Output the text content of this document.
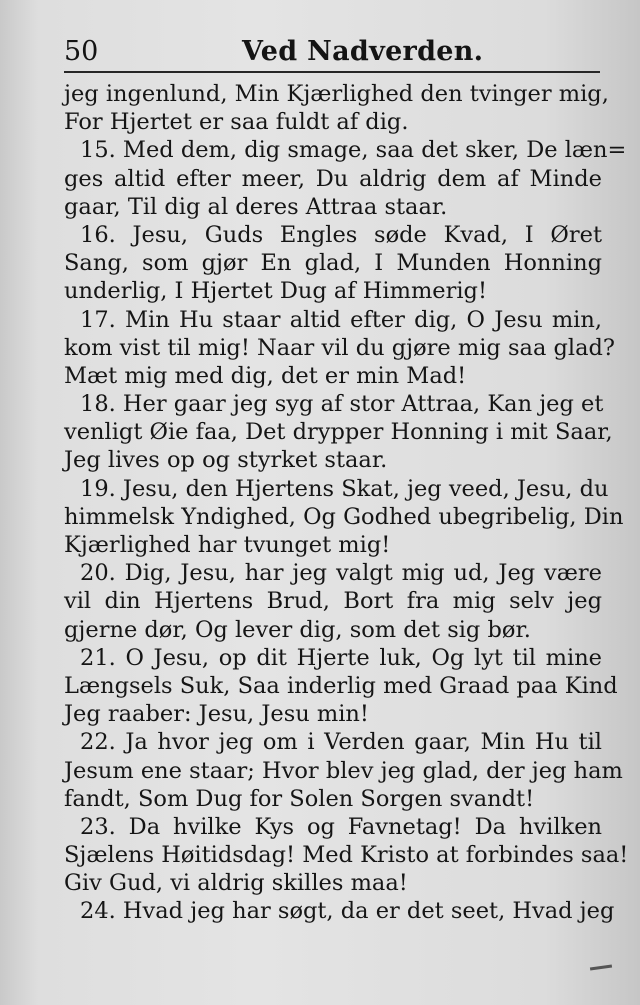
50	Ved Nadverden.
jeg ingenlund, Min Kjærlighed den tvinger mig,
For Hjertet er saa fuldt af dig.
15. Med dem, dig smage, saa det sker, De læn=
ges altid efter meer, Du aldrig dem af Minde
gaar, Til dig al deres Attraa staar.
16. Jesu, Guds Engles søde Kvad, I Øret
Sang, som gjør En glad, I Munden Honning
underlig, I Hjertet Dug af Himmerig!
17. Min Hu staar altid efter dig, O Jesu min,
kom vist til mig! Naar vil du gjøre mig saa glad?
Mæt mig med dig, det er min Mad!
18. Her gaar jeg syg af stor Attraa, Kan jeg et
venligt Øie faa, Det drypper Honning i mit Saar,
Jeg lives op og styrket staar.
19. Jesu, den Hjertens Skat, jeg veed, Jesu, du
himmelsk Yndighed, Og Godhed ubegribelig, Din
Kjærlighed har tvunget mig!
20. Dig, Jesu, har jeg valgt mig ud, Jeg være
vil din Hjertens Brud, Bort fra mig selv jeg
gjerne dør, Og lever dig, som det sig bør.
21. O Jesu, op dit Hjerte luk, Og lyt til mine
Længsels Suk, Saa inderlig med Graad paa Kind
Jeg raaber: Jesu, Jesu min!
22. Ja hvor jeg om i Verden gaar, Min Hu til
Jesum ene staar; Hvor blev jeg glad, der jeg ham
fandt, Som Dug for Solen Sorgen svandt!
23. Da hvilke Kys og Favnetag! Da hvilken
Sjælens Høitidsdag! Med Kristo at forbindes saa!
Giv Gud, vi aldrig skilles maa!
24. Hvad jeg har søgt, da er det seet, Hvad jeg
